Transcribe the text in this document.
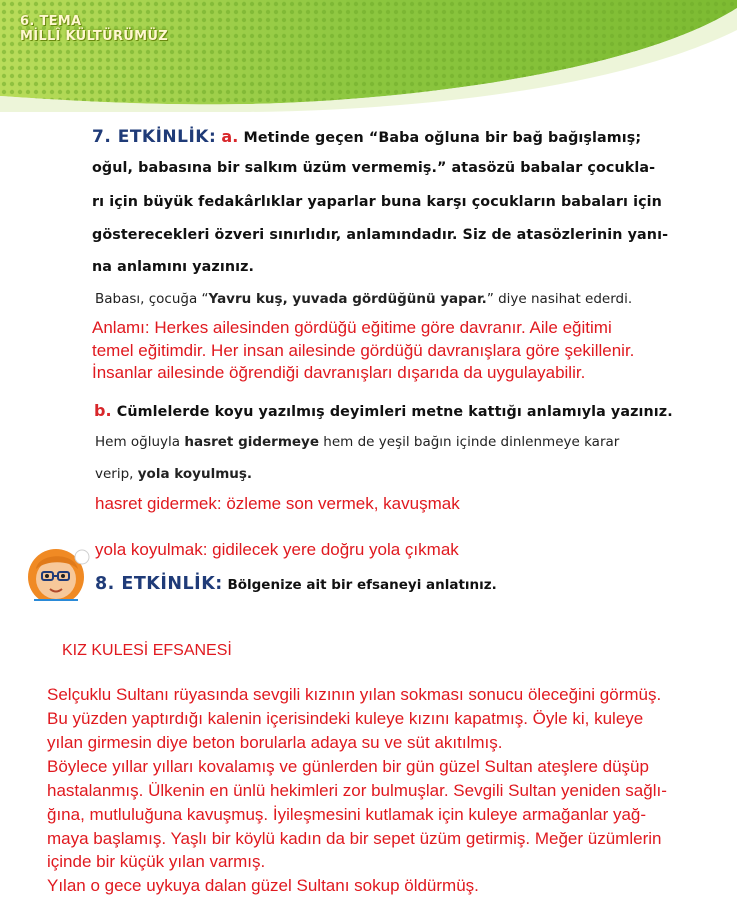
6. TEMA
MİLLÎ KÜLTÜRÜMÜZ
7. ETKİNLİK: a. Metinde geçen “Baba oğluna bir bağ bağışlamış;
oğul, babasına bir salkım üzüm vermemiş.” atasözü babalar çocukla-
rı için büyük fedakârlıklar yaparlar buna karşı çocukların babaları için
gösterecekleri özveri sınırlıdır, anlamındadır. Siz de atasözlerinin yanı-
na anlamını yazınız.
Babası, çocuğa “Yavru kuş, yuvada gördüğünü yapar.” diye nasihat ederdi.
Anlamı: Herkes ailesinden gördüğü eğitime göre davranır. Aile eğitimi
temel eğitimdir. Her insan ailesinde gördüğü davranışlara göre şekillenir.
İnsanlar ailesinde öğrendiği davranışları dışarıda da uygulayabilir.
b. Cümlelerde koyu yazılmış deyimleri metne kattığı anlamıyla yazınız.
Hem oğluyla hasret gidermeye hem de yeşil bağın içinde dinlenmeye karar
verip, yola koyulmuş.
hasret gidermek: özleme son vermek, kavuşmak
yola koyulmak: gidilecek yere doğru yola çıkmak
8. ETKİNLİK: Bölgenize ait bir efsaneyi anlatınız.
KIZ KULESİ EFSANESİ
Selçuklu Sultanı rüyasında sevgili kızının yılan sokması sonucu öleceğini görmüş.
Bu yüzden yaptırdığı kalenin içerisindeki kuleye kızını kapatmış. Öyle ki, kuleye
yılan girmesin diye beton borularla adaya su ve süt akıtılmış.
Böylece yıllar yılları kovalamış ve günlerden bir gün güzel Sultan ateşlere düşüp
hastalanmış. Ülkenin en ünlü hekimleri zor bulmuşlar. Sevgili Sultan yeniden sağlı-
ğına, mutluluğuna kavuşmuş. İyileşmesini kutlamak için kuleye armağanlar yağ-
maya başlamış. Yaşlı bir köylü kadın da bir sepet üzüm getirmiş. Meğer üzümlerin
içinde bir küçük yılan varmış.
Yılan o gece uykuya dalan güzel Sultanı sokup öldürmüş.
